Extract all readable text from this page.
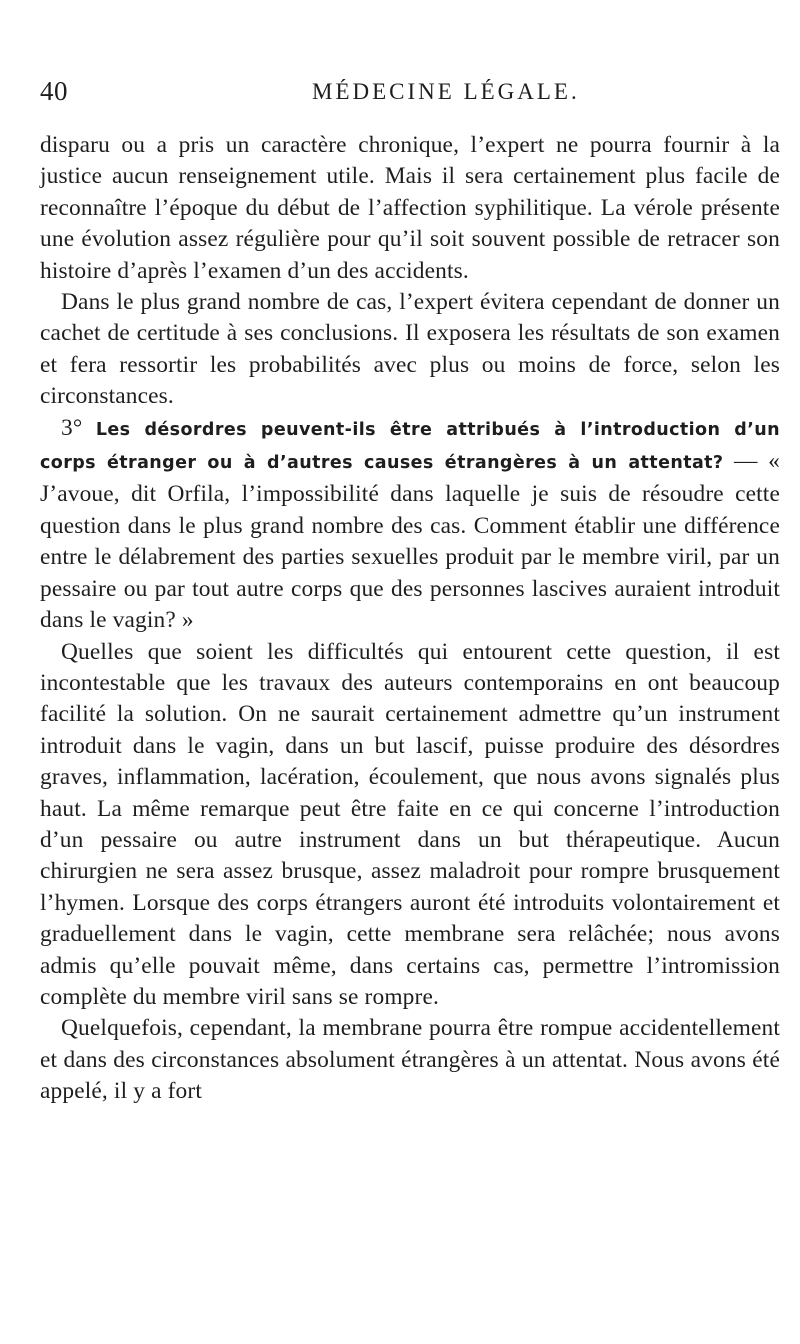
40	MÉDECINE LÉGALE.

disparu ou a pris un caractère chronique, l’expert ne pourra fournir à la justice aucun renseignement utile. Mais il sera certainement plus facile de reconnaître l’époque du début de l’affection syphilitique. La vérole présente une évolution assez régulière pour qu’il soit souvent possible de retracer son histoire d’après l’examen d’un des accidents.

Dans le plus grand nombre de cas, l’expert évitera cependant de donner un cachet de certitude à ses conclusions. Il exposera les résultats de son examen et fera ressortir les probabilités avec plus ou moins de force, selon les circonstances.

3° Les désordres peuvent-ils être attribués à l’introduction d’un corps étranger ou à d’autres causes étrangères à un attentat? — « J’avoue, dit Orfila, l’impossibilité dans laquelle je suis de résoudre cette question dans le plus grand nombre des cas. Comment établir une différence entre le délabrement des parties sexuelles produit par le membre viril, par un pessaire ou par tout autre corps que des personnes lascives auraient introduit dans le vagin? »

Quelles que soient les difficultés qui entourent cette question, il est incontestable que les travaux des auteurs contemporains en ont beaucoup facilité la solution. On ne saurait certainement admettre qu’un instrument introduit dans le vagin, dans un but lascif, puisse produire des désordres graves, inflammation, lacération, écoulement, que nous avons signalés plus haut. La même remarque peut être faite en ce qui concerne l’introduction d’un pessaire ou autre instrument dans un but thérapeutique. Aucun chirurgien ne sera assez brusque, assez maladroit pour rompre brusquement l’hymen. Lorsque des corps étrangers auront été introduits volontairement et graduellement dans le vagin, cette membrane sera relâchée; nous avons admis qu’elle pouvait même, dans certains cas, permettre l’intromission complète du membre viril sans se rompre.

Quelquefois, cependant, la membrane pourra être rompue accidentellement et dans des circonstances absolument étrangères à un attentat. Nous avons été appelé, il y a fort
